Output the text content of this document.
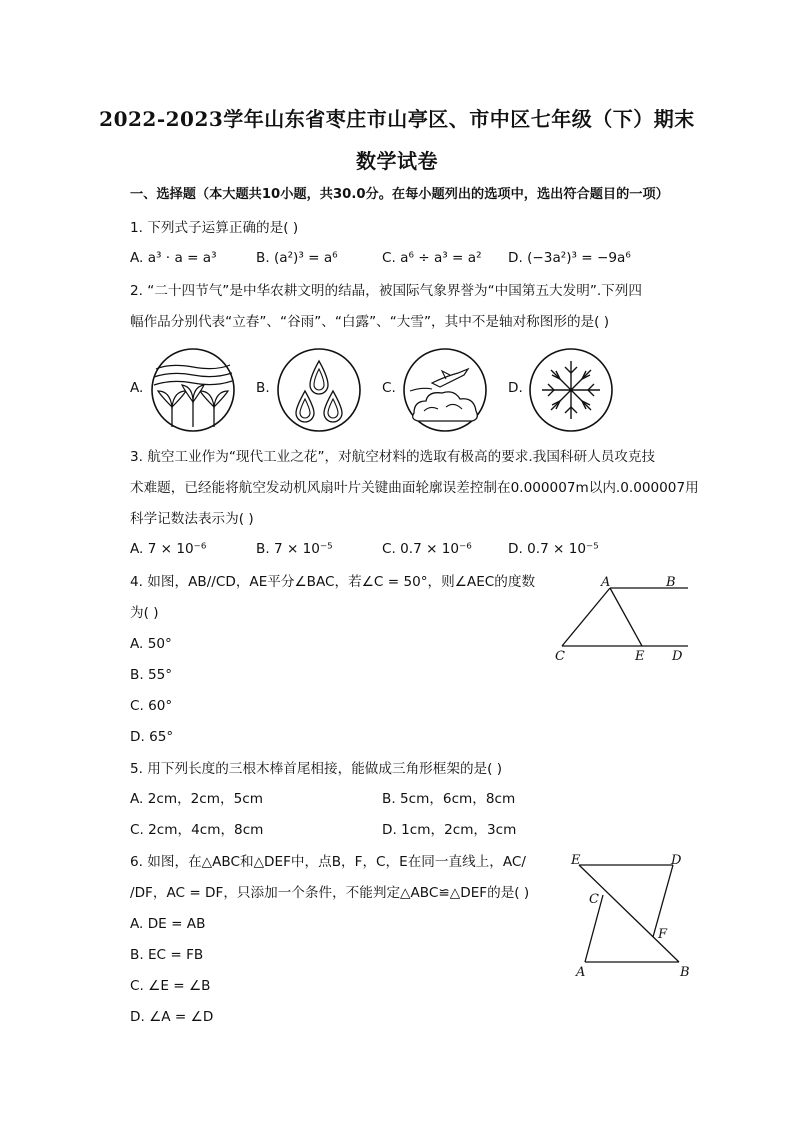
2022-2023学年山东省枣庄市山亭区、市中区七年级（下）期末
数学试卷
一、选择题（本大题共10小题，共30.0分。在每小题列出的选项中，选出符合题目的一项）
1. 下列式子运算正确的是( )
A. a³ · a = a³	B. (a²)³ = a⁶	C. a⁶ ÷ a³ = a² D. (−3a²)³ = −9a⁶
2. “二十四节气”是中华农耕文明的结晶，被国际气象界誉为“中国第五大发明”.下列四
幅作品分别代表“立春”、“谷雨”、“白露”、“大雪”，其中不是轴对称图形的是( )
A.	B.	C.	D.
3. 航空工业作为“现代工业之花”，对航空材料的选取有极高的要求.我国科研人员攻克技
术难题，已经能将航空发动机风扇叶片关键曲面轮廓误差控制在0.000007m以内.0.000007用
科学记数法表示为( )
A. 7 × 10⁻⁶	B. 7 × 10⁻⁵	C. 0.7 × 10⁻⁶	D. 0.7 × 10⁻⁵
4. 如图，AB//CD，AE平分∠BAC，若∠C = 50°，则∠AEC的度数
为( )
A. 50°
B. 55°
C. 60°
D. 65°
A	B
C	E D
5. 用下列长度的三根木棒首尾相接，能做成三角形框架的是( )
A. 2cm，2cm，5cm	B. 5cm，6cm，8cm
C. 2cm，4cm，8cm	D. 1cm，2cm，3cm
6. 如图，在△ABC和△DEF中，点B，F，C，E在同一直线上，AC/
/DF，AC = DF，只添加一个条件，不能判定△ABC≌△DEF的是( )
A. DE = AB
B. EC = FB
C. ∠E = ∠B
D. ∠A = ∠D
E	D
C
F
A	B
